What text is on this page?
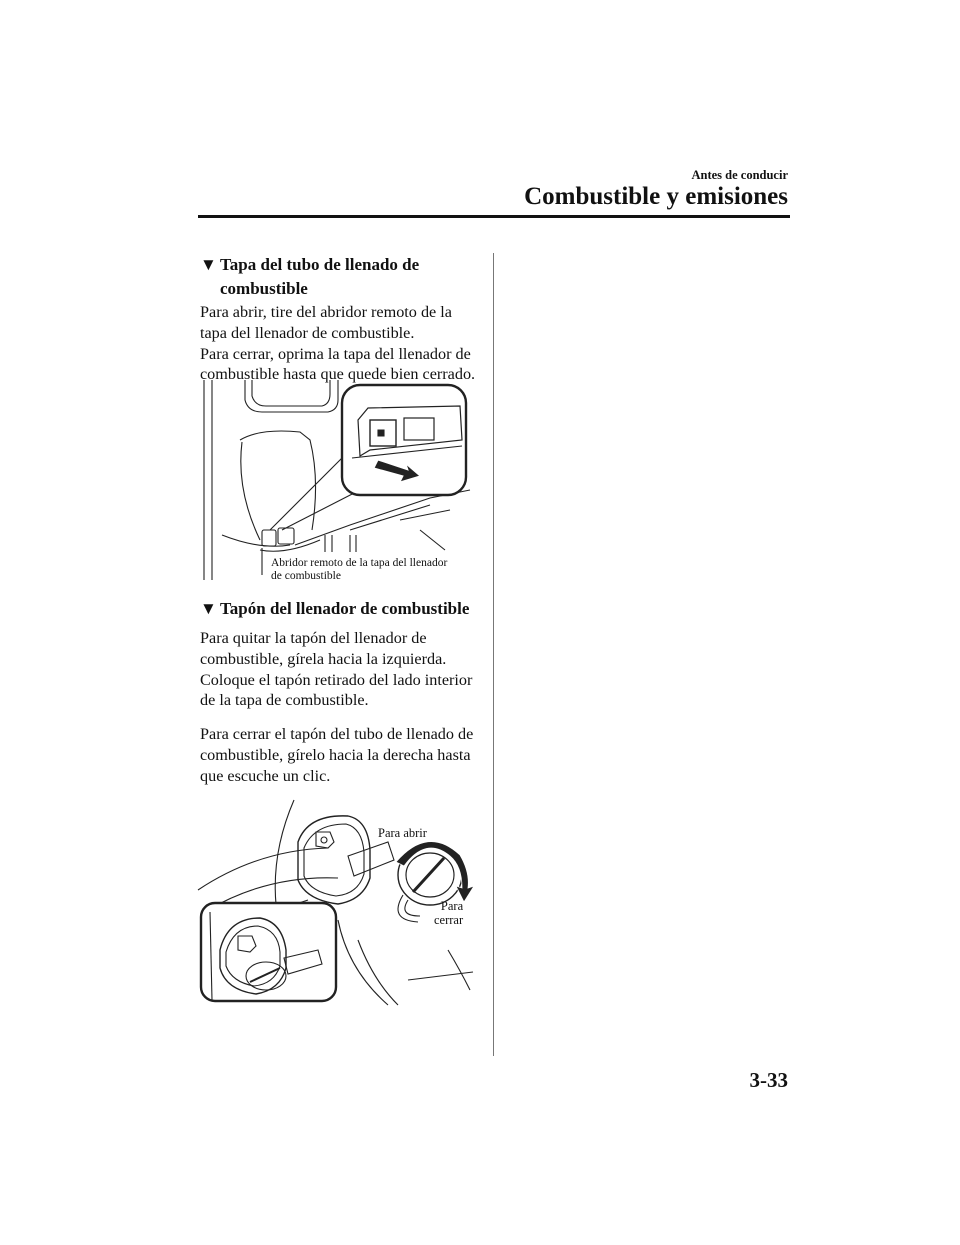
Antes de conducir
Combustible y emisiones
▼ Tapa del tubo de llenado de
combustible

Para abrir, tire del abridor remoto de la

tapa del llenador de combustible.

Para cerrar, oprima la tapa del llenador de

combustible hasta que quede bien cerrado.

Abridor remoto de la tapa del llenador
de combustible
▼ Tapón del llenador de combustible

Para quitar la tapón del llenador de

combustible, gírela hacia la izquierda.

Coloque el tapón retirado del lado interior

de la tapa de combustible.

Para cerrar el tapón del tubo de llenado de

combustible, gírelo hacia la derecha hasta

que escuche un clic.

Para abrir
Para
cerrar
3-33
